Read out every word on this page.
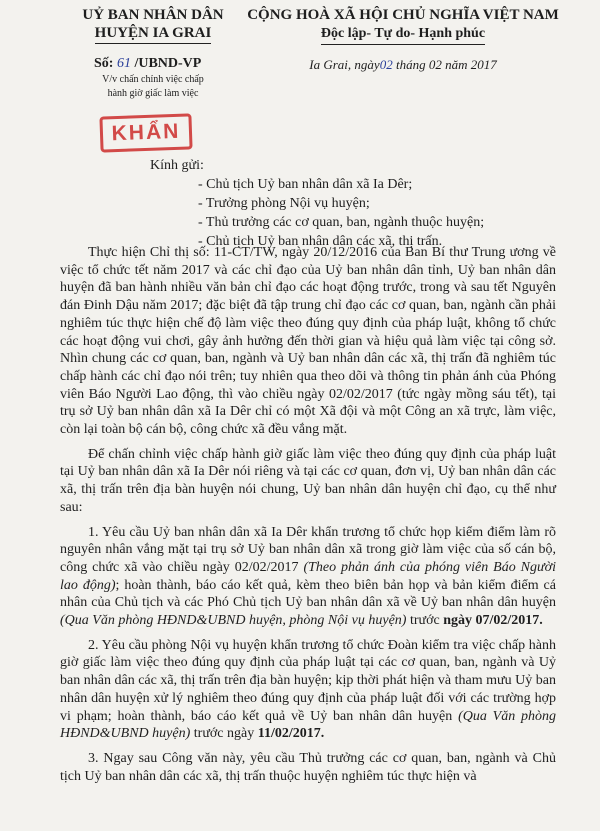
UỶ BAN NHÂN DÂN
HUYỆN IA GRAI
Số: 61 /UBND-VP
V/v chấn chỉnh việc chấp
hành giờ giấc làm việc
CỘNG HOÀ XÃ HỘI CHỦ NGHĨA VIỆT NAM
Độc lập- Tự do- Hạnh phúc
Ia Grai, ngày02 tháng 02 năm 2017
KHẨN
Kính gửi:
- Chủ tịch Uỷ ban nhân dân xã Ia Dêr;
- Trưởng phòng Nội vụ huyện;
- Thủ trưởng các cơ quan, ban, ngành thuộc huyện;
- Chủ tịch Uỷ ban nhân dân các xã, thị trấn.

Thực hiện Chỉ thị số: 11-CT/TW, ngày 20/12/2016 của Ban Bí thư Trung ương về việc tổ chức tết năm 2017 và các chỉ đạo của Uỷ ban nhân dân tỉnh, Uỷ ban nhân dân huyện đã ban hành nhiều văn bản chỉ đạo các hoạt động trước, trong và sau tết Nguyên đán Đinh Dậu năm 2017; đặc biệt đã tập trung chỉ đạo các cơ quan, ban, ngành cần phải nghiêm túc thực hiện chế độ làm việc theo đúng quy định của pháp luật, không tổ chức các hoạt động vui chơi, gây ảnh hưởng đến thời gian và hiệu quả làm việc tại công sở. Nhìn chung các cơ quan, ban, ngành và Uỷ ban nhân dân các xã, thị trấn đã nghiêm túc chấp hành các chỉ đạo nói trên; tuy nhiên qua theo dõi và thông tin phản ánh của Phóng viên Báo Người Lao động, thì vào chiều ngày 02/02/2017 (tức ngày mồng sáu tết), tại trụ sở Uỷ ban nhân dân xã Ia Dêr chỉ có một Xã đội và một Công an xã trực, làm việc, còn lại toàn bộ cán bộ, công chức xã đều vắng mặt.

Để chấn chỉnh việc chấp hành giờ giấc làm việc theo đúng quy định của pháp luật tại Uỷ ban nhân dân xã Ia Dêr nói riêng và tại các cơ quan, đơn vị, Uỷ ban nhân dân các xã, thị trấn trên địa bàn huyện nói chung, Uỷ ban nhân dân huyện chỉ đạo, cụ thể như sau:

1. Yêu cầu Uỷ ban nhân dân xã Ia Dêr khẩn trương tổ chức họp kiểm điểm làm rõ nguyên nhân vắng mặt tại trụ sở Uỷ ban nhân dân xã trong giờ làm việc của số cán bộ, công chức xã vào chiều ngày 02/02/2017 (Theo phản ánh của phóng viên Báo Người lao động); hoàn thành, báo cáo kết quả, kèm theo biên bản họp và bản kiểm điểm cá nhân của Chủ tịch và các Phó Chủ tịch Uỷ ban nhân dân xã về Uỷ ban nhân dân huyện (Qua Văn phòng HĐND&UBND huyện, phòng Nội vụ huyện) trước ngày 07/02/2017.

2. Yêu cầu phòng Nội vụ huyện khẩn trương tổ chức Đoàn kiểm tra việc chấp hành giờ giấc làm việc theo đúng quy định của pháp luật tại các cơ quan, ban, ngành và Uỷ ban nhân dân các xã, thị trấn trên địa bàn huyện; kịp thời phát hiện và tham mưu Uỷ ban nhân dân huyện xử lý nghiêm theo đúng quy định của pháp luật đối với các trường hợp vi phạm; hoàn thành, báo cáo kết quả về Uỷ ban nhân dân huyện (Qua Văn phòng HĐND&UBND huyện) trước ngày 11/02/2017.

3. Ngay sau Công văn này, yêu cầu Thủ trưởng các cơ quan, ban, ngành và Chủ tịch Uỷ ban nhân dân các xã, thị trấn thuộc huyện nghiêm túc thực hiện và
